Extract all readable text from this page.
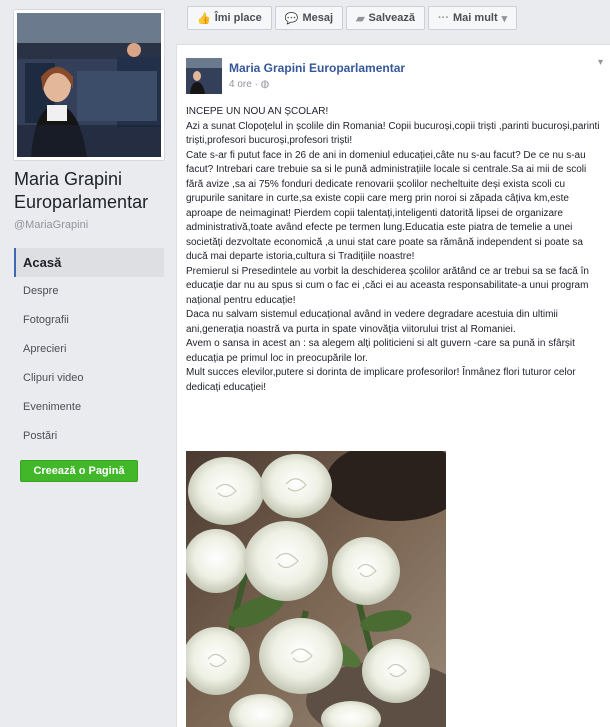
Maria Grapini Europarlamentar
@MariaGrapini
Acasă
Despre
Fotografii
Aprecieri
Clipuri video
Evenimente
Postări
Creează o Pagină
👍 Îmi place 💬 Mesaj ▰ Salvează ··· Mai mult ▾
Maria Grapini Europarlamentar
4 ore · ◍
▾

INCEPE UN NOU AN ȘCOLAR!

Azi a sunat Clopoțelul in școlile din Romania! Copii bucuroși,copii triști ,parinti bucuroși,parinti triști,profesori bucuroși,profesori triști!

Cate s-ar fi putut face in 26 de ani in domeniul educației,câte nu s-au facut? De ce nu s-au facut? Intrebari care trebuie sa si le pună administrațiile locale si centrale.Sa ai mii de scoli fără avize ,sa ai 75% fonduri dedicate renovarii școlilor necheltuite deși exista scoli cu grupurile sanitare in curte,sa existe copii care merg prin noroi si zăpada câțiva km,este aproape de neimaginat! Pierdem copii talentați,inteligenti datorită lipsei de organizare administrativă,toate având efecte pe termen lung.Educatia este piatra de temelie a unei societăți dezvoltate economică ,a unui stat care poate sa rămână independent si poate sa ducă mai departe istoria,cultura si Tradițiile noastre!

Premierul si Presedintele au vorbit la deschiderea școlilor arătând ce ar trebui sa se facă în educație dar nu au spus si cum o fac ei ,căci ei au aceasta responsabilitate-a unui program național pentru educație!

Daca nu salvam sistemul educațional având in vedere degradare acestuia din ultimii ani,generația noastră va purta in spate vinovăția viitorului trist al Romaniei.

Avem o sansa in acest an : sa alegem alți politicieni si alt guvern -care sa pună in sfârșit educația pe primul loc in preocupările lor.

Mult succes elevilor,putere si dorinta de implicare profesorilor! Înmânez flori tuturor celor dedicați educației!
